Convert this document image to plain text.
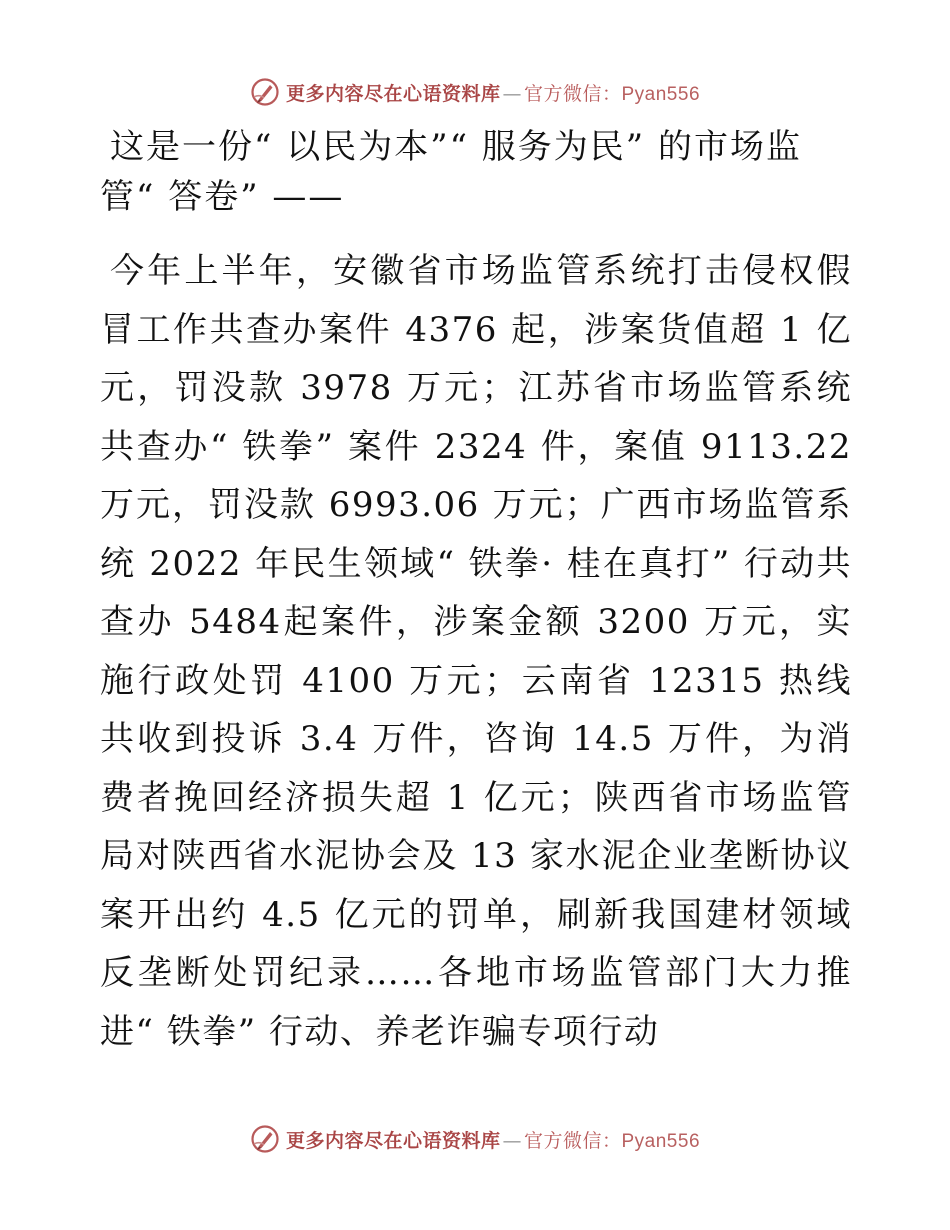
更多内容尽在心语资料库 — 官方微信：Pyan556
这是一份“ 以民为本”“ 服务为民” 的市场监管“ 答卷” ——

今年上半年，安徽省市场监管系统打击侵权假冒工作共查办案件 4376 起，涉案货值超 1 亿元，罚没款 3978 万元；江苏省市场监管系统共查办“ 铁拳” 案件 2324 件，案值 9113.22 万元，罚没款 6993.06 万元；广西市场监管系统 2022 年民生领域“ 铁拳· 桂在真打” 行动共查办 5484起案件，涉案金额 3200 万元，实施行政处罚 4100 万元；云南省 12315 热线共收到投诉 3.4 万件，咨询 14.5 万件，为消费者挽回经济损失超 1 亿元；陕西省市场监管局对陕西省水泥协会及 13 家水泥企业垄断协议案开出约 4.5 亿元的罚单，刷新我国建材领域反垄断处罚纪录……各地市场监管部门大力推进“ 铁拳” 行动、养老诈骗专项行动

更多内容尽在心语资料库 — 官方微信：Pyan556
